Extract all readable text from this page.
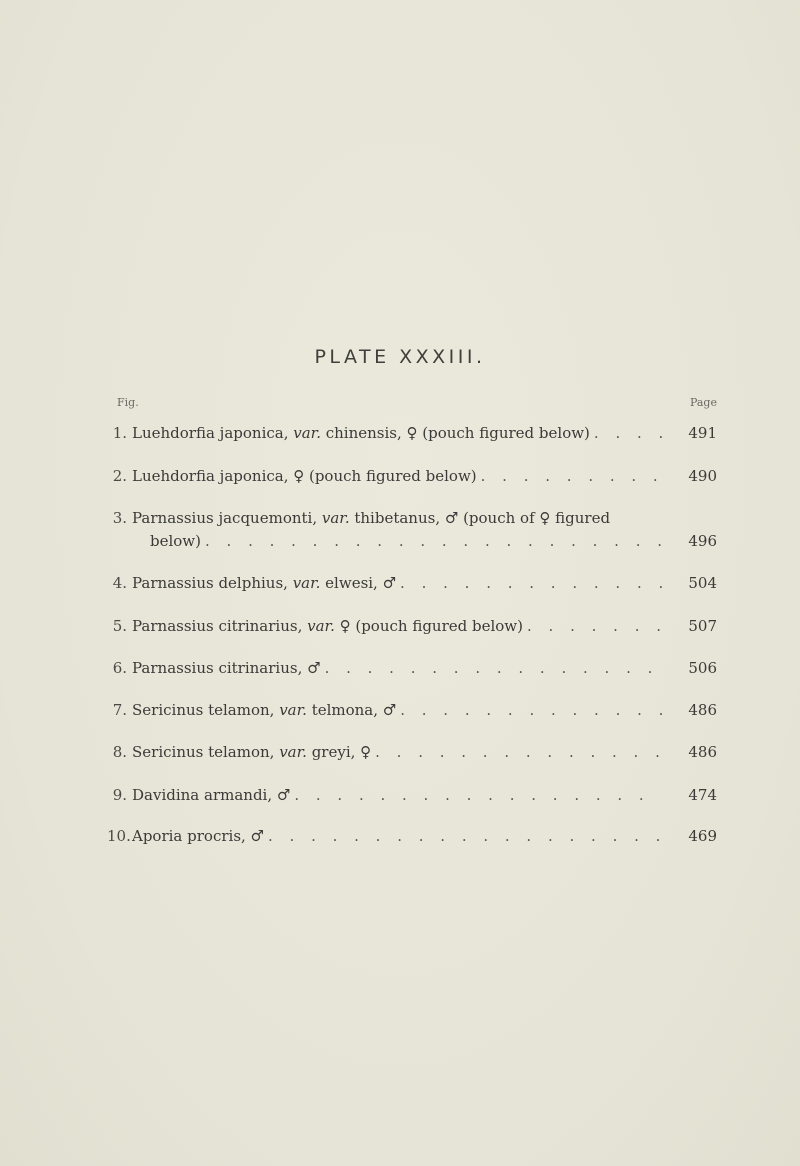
PLATE XXXIII.
Fig.	Page
1. Luehdorfia japonica, var. chinensis, ♀ (pouch figured below) . . .	491
2. Luehdorfia japonica, ♀ (pouch figured below) . . .	490
3. Parnassius jacquemonti, var. thibetanus, ♂ (pouch of ♀ figured
below) . . .	496
4. Parnassius delphius, var. elwesi, ♂ . . .	504
5. Parnassius citrinarius, var. ♀ (pouch figured below) . . .	507
6. Parnassius citrinarius, ♂ . . .	506
7. Sericinus telamon, var. telmona, ♂ . . .	486
8. Sericinus telamon, var. greyi, ♀ . . .	486
9. Davidina armandi, ♂ . . .	474
10. Aporia procris, ♂ . . .	469
